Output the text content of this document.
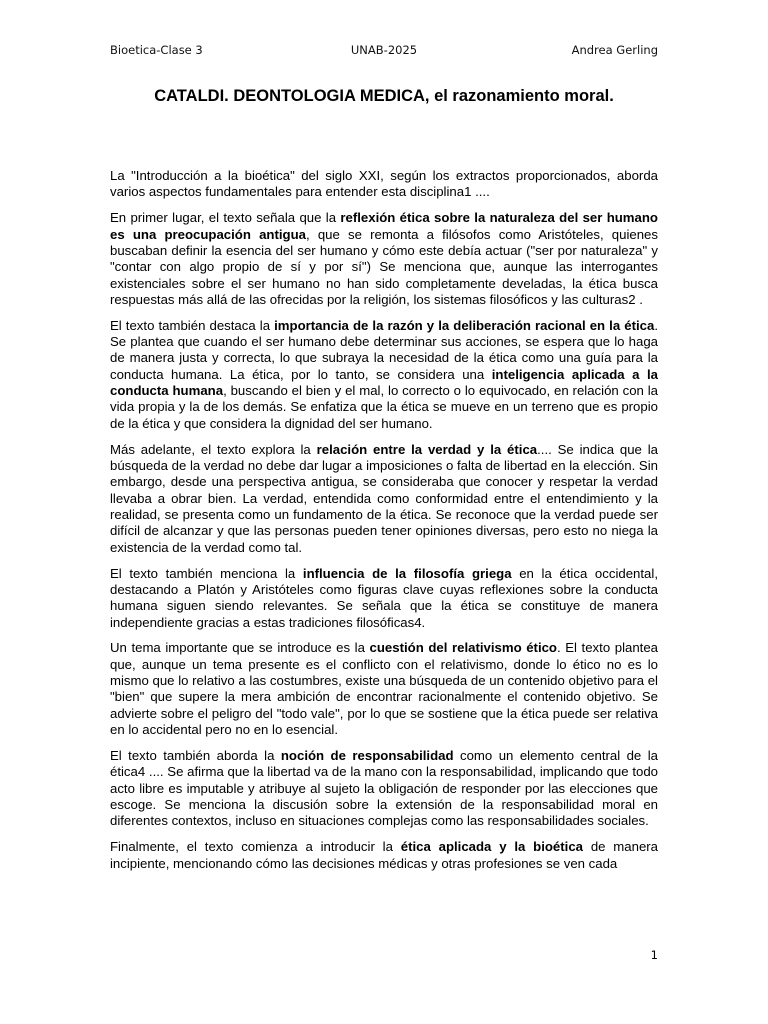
Bioetica-Clase 3	UNAB-2025	Andrea Gerling
CATALDI. DEONTOLOGIA MEDICA, el razonamiento moral.

La "Introducción a la bioética" del siglo XXI, según los extractos proporcionados, aborda varios aspectos fundamentales para entender esta disciplina1 ....

En primer lugar, el texto señala que la reflexión ética sobre la naturaleza del ser humano es una preocupación antigua, que se remonta a filósofos como Aristóteles, quienes buscaban definir la esencia del ser humano y cómo este debía actuar ("ser por naturaleza" y "contar con algo propio de sí y por sí") Se menciona que, aunque las interrogantes existenciales sobre el ser humano no han sido completamente develadas, la ética busca respuestas más allá de las ofrecidas por la religión, los sistemas filosóficos y las culturas2 .

El texto también destaca la importancia de la razón y la deliberación racional en la ética. Se plantea que cuando el ser humano debe determinar sus acciones, se espera que lo haga de manera justa y correcta, lo que subraya la necesidad de la ética como una guía para la conducta humana. La ética, por lo tanto, se considera una inteligencia aplicada a la conducta humana, buscando el bien y el mal, lo correcto o lo equivocado, en relación con la vida propia y la de los demás. Se enfatiza que la ética se mueve en un terreno que es propio de la ética y que considera la dignidad del ser humano.

Más adelante, el texto explora la relación entre la verdad y la ética.... Se indica que la búsqueda de la verdad no debe dar lugar a imposiciones o falta de libertad en la elección. Sin embargo, desde una perspectiva antigua, se consideraba que conocer y respetar la verdad llevaba a obrar bien. La verdad, entendida como conformidad entre el entendimiento y la realidad, se presenta como un fundamento de la ética. Se reconoce que la verdad puede ser difícil de alcanzar y que las personas pueden tener opiniones diversas, pero esto no niega la existencia de la verdad como tal.

El texto también menciona la influencia de la filosofía griega en la ética occidental, destacando a Platón y Aristóteles como figuras clave cuyas reflexiones sobre la conducta humana siguen siendo relevantes. Se señala que la ética se constituye de manera independiente gracias a estas tradiciones filosóficas4.

Un tema importante que se introduce es la cuestión del relativismo ético. El texto plantea que, aunque un tema presente es el conflicto con el relativismo, donde lo ético no es lo mismo que lo relativo a las costumbres, existe una búsqueda de un contenido objetivo para el "bien" que supere la mera ambición de encontrar racionalmente el contenido objetivo. Se advierte sobre el peligro del "todo vale", por lo que se sostiene que la ética puede ser relativa en lo accidental pero no en lo esencial.

El texto también aborda la noción de responsabilidad como un elemento central de la ética4 .... Se afirma que la libertad va de la mano con la responsabilidad, implicando que todo acto libre es imputable y atribuye al sujeto la obligación de responder por las elecciones que escoge. Se menciona la discusión sobre la extensión de la responsabilidad moral en diferentes contextos, incluso en situaciones complejas como las responsabilidades sociales.

Finalmente, el texto comienza a introducir la ética aplicada y la bioética de manera incipiente, mencionando cómo las decisiones médicas y otras profesiones se ven cada

1
